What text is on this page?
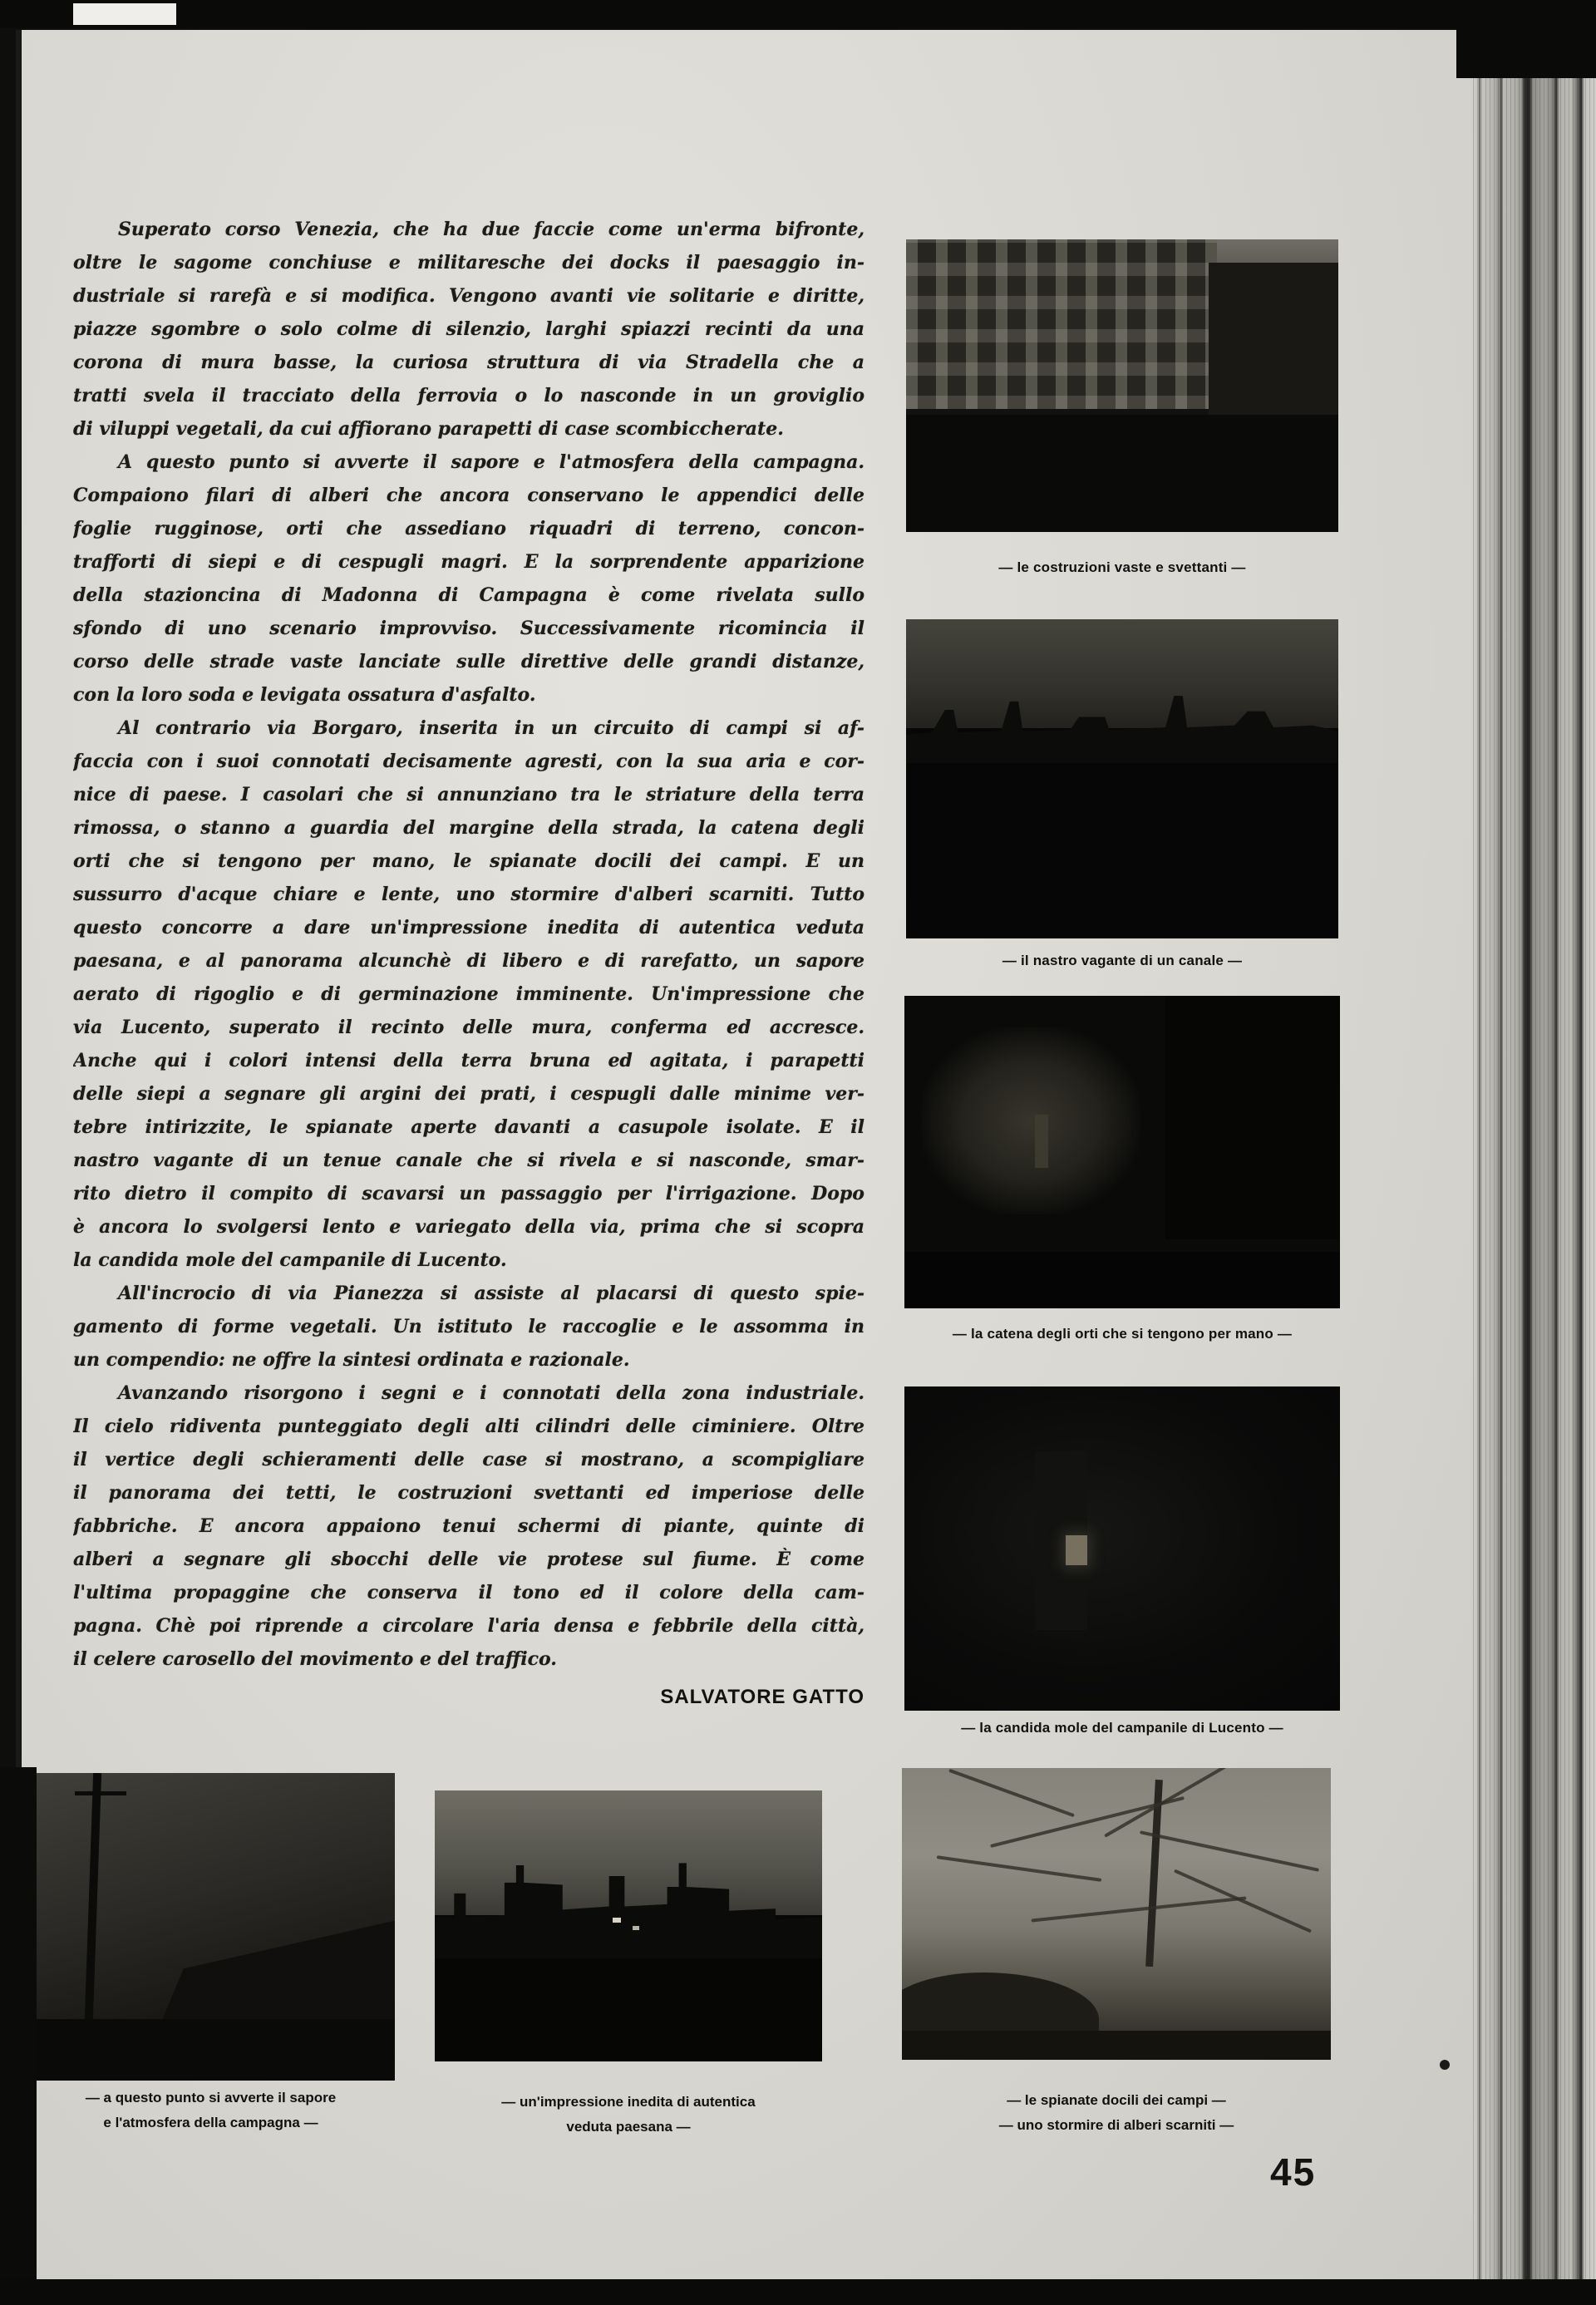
Superato corso Venezia, che ha due faccie come un'erma bifronte,
oltre le sagome conchiuse e militaresche dei docks il paesaggio in-
dustriale si rarefà e si modifica. Vengono avanti vie solitarie e diritte,
piazze sgombre o solo colme di silenzio, larghi spiazzi recinti da una
corona di mura basse, la curiosa struttura di via Stradella che a
tratti svela il tracciato della ferrovia o lo nasconde in un groviglio
di viluppi vegetali, da cui affiorano parapetti di case scombiccherate.
A questo punto si avverte il sapore e l'atmosfera della campagna.
Compaiono filari di alberi che ancora conservano le appendici delle
foglie rugginose, orti che assediano riquadri di terreno, concon-
trafforti di siepi e di cespugli magri. E la sorprendente apparizione
della stazioncina di Madonna di Campagna è come rivelata sullo
sfondo di uno scenario improvviso. Successivamente ricomincia il
corso delle strade vaste lanciate sulle direttive delle grandi distanze,
con la loro soda e levigata ossatura d'asfalto.
Al contrario via Borgaro, inserita in un circuito di campi si af-
faccia con i suoi connotati decisamente agresti, con la sua aria e cor-
nice di paese. I casolari che si annunziano tra le striature della terra
rimossa, o stanno a guardia del margine della strada, la catena degli
orti che si tengono per mano, le spianate docili dei campi. E un
sussurro d'acque chiare e lente, uno stormire d'alberi scarniti. Tutto
questo concorre a dare un'impressione inedita di autentica veduta
paesana, e al panorama alcunchè di libero e di rarefatto, un sapore
aerato di rigoglio e di germinazione imminente. Un'impressione che
via Lucento, superato il recinto delle mura, conferma ed accresce.
Anche qui i colori intensi della terra bruna ed agitata, i parapetti
delle siepi a segnare gli argini dei prati, i cespugli dalle minime ver-
tebre intirizzite, le spianate aperte davanti a casupole isolate. E il
nastro vagante di un tenue canale che si rivela e si nasconde, smar-
rito dietro il compito di scavarsi un passaggio per l'irrigazione. Dopo
è ancora lo svolgersi lento e variegato della via, prima che si scopra
la candida mole del campanile di Lucento.
All'incrocio di via Pianezza si assiste al placarsi di questo spie-
gamento di forme vegetali. Un istituto le raccoglie e le assomma in
un compendio: ne offre la sintesi ordinata e razionale.
Avanzando risorgono i segni e i connotati della zona industriale.
Il cielo ridiventa punteggiato degli alti cilindri delle ciminiere. Oltre
il vertice degli schieramenti delle case si mostrano, a scompigliare
il panorama dei tetti, le costruzioni svettanti ed imperiose delle
fabbriche. E ancora appaiono tenui schermi di piante, quinte di
alberi a segnare gli sbocchi delle vie protese sul fiume. È come
l'ultima propaggine che conserva il tono ed il colore della cam-
pagna. Chè poi riprende a circolare l'aria densa e febbrile della città,
il celere carosello del movimento e del traffico.
SALVATORE GATTO
— le costruzioni vaste e svettanti —
— il nastro vagante di un canale —
— la catena degli orti che si tengono per mano —
— la candida mole del campanile di Lucento —
— a questo punto si avverte il sapore
e l'atmosfera della campagna —
— un'impressione inedita di autentica
veduta paesana —
— le spianate docili dei campi —
— uno stormire di alberi scarniti —
45
